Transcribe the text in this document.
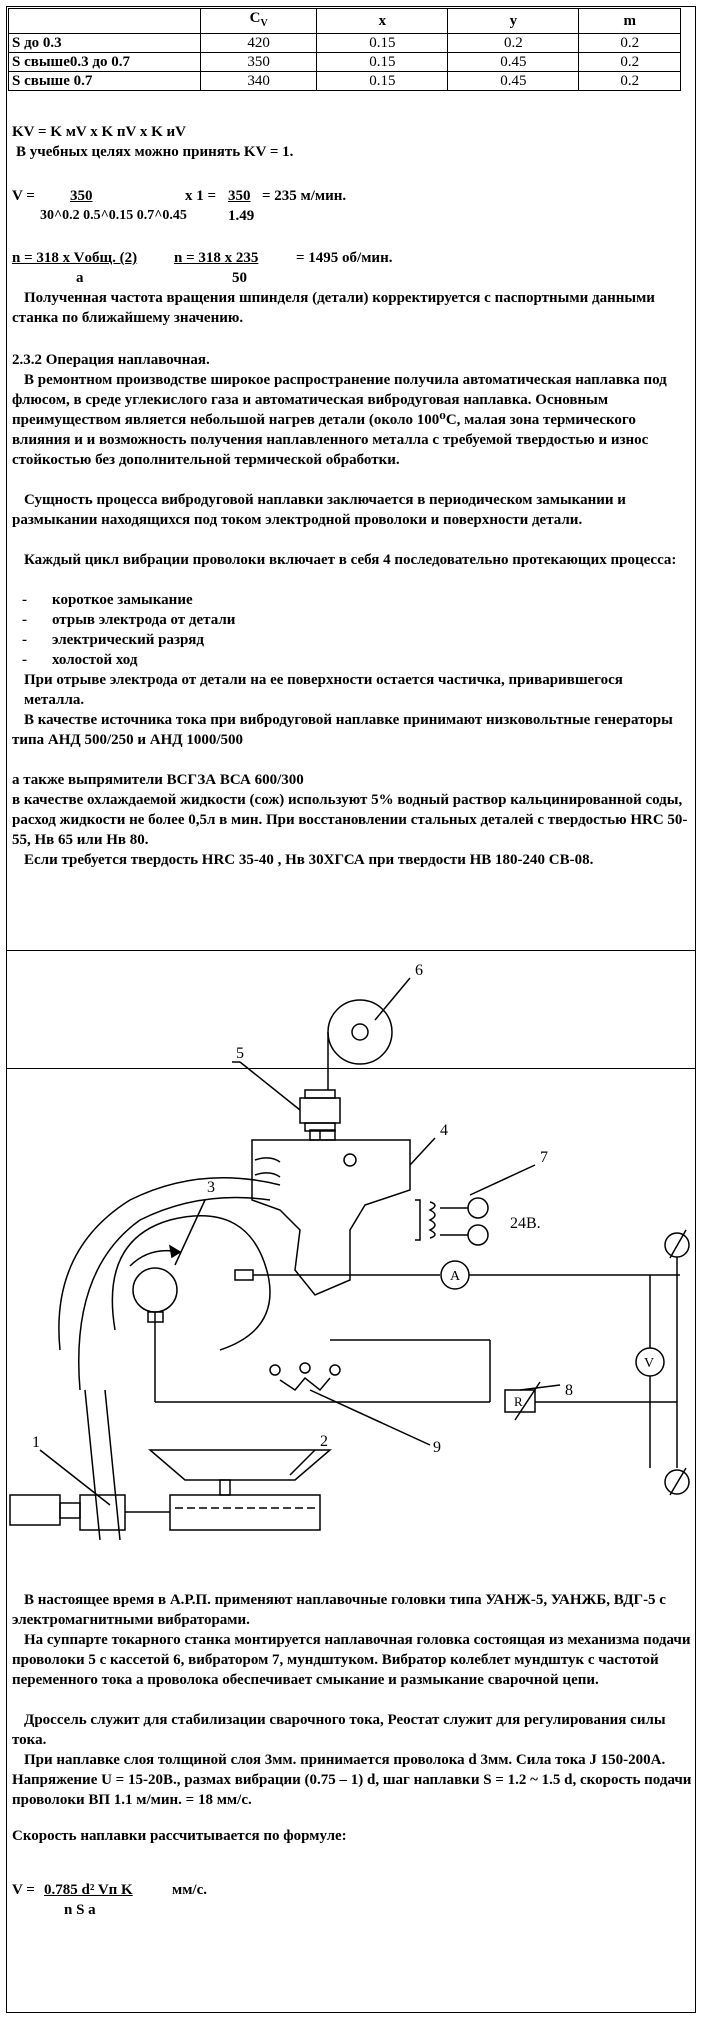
	$C_V$	x	y	m
S до 0.3	420	0.15	0.2	0.2
S свыше0.3 до 0.7	350	0.15	0.45	0.2
S свыше 0.7	340	0.15	0.45	0.2
KV = K мV x K пV x K иV
В учебных целях можно принять KV = 1.
V =	350
30^0.2 0.5^0.15 0.7^0.45
x 1 = 350
1.49
= 235 м/мин.
n = 318 x Vобщ. (2)
a
n = 318 x 235
50
= 1495 об/мин.
Полученная частота вращения шпинделя (детали) корректируется с паспортными данными станка по ближайшему значению.
2.3.2 Операция наплавочная.
В ремонтном производстве широкое распространение получила автоматическая наплавка под флюсом, в среде углекислого газа и автоматическая вибродуговая наплавка. Основным преимуществом является небольшой нагрев детали (около 100⁰С, малая зона термического влияния и и возможность получения наплавленного металла с требуемой твердостью и износ стойкостью без дополнительной термической обработки.
Сущность процесса вибродуговой наплавки заключается в периодическом замыкании и размыкании находящихся под током электродной проволоки и поверхности детали.
Каждый цикл вибрации проволоки включает в себя 4 последовательно протекающих процесса:
-	короткое замыкание
-	отрыв электрода от детали
-	электрический разряд
-	холостой ход
При отрыве электрода от детали на ее поверхности остается частичка, приварившегося металла.
В качестве источника тока при вибродуговой наплавке принимают низковольтные генераторы типа АНД 500/250 и АНД 1000/500
а также выпрямители ВСГЗА ВСА 600/300
в качестве охлаждаемой жидкости (сож) используют 5% водный раствор кальцинированной соды, расход жидкости не более 0,5л в мин. При восстановлении стальных деталей с твердостью HRC 50-55, Нв 65 или Нв 80.
Если требуется твердость HRC 35-40 , Нв 30ХГСА при твердости НВ 180-240 СВ-08.
6
5
4
7
24В.
3
A
V
R
8
9
2
1
В настоящее время в А.Р.П. применяют наплавочные головки типа УАНЖ-5, УАНЖБ, ВДГ-5 с электромагнитными вибраторами.
На суппарте токарного станка монтируется наплавочная головка состоящая из механизма подачи проволоки 5 с кассетой 6, вибратором 7, мундштуком. Вибратор колеблет мундштук с частотой переменного тока а проволока обеспечивает смыкание и размыкание сварочной цепи.
Дроссель служит для стабилизации сварочного тока, Реостат служит для регулирования силы тока.
При наплавке слоя толщиной слоя 3мм. принимается проволока d 3мм. Сила тока J 150-200А. Напряжение U = 15-20В., размах вибрации (0.75 – 1) d, шаг наплавки S = 1.2 ~ 1.5 d, скорость подачи проволоки ВП 1.1 м/мин. = 18 мм/с.
Скорость наплавки рассчитывается по формуле:
V = 0.785 d² Vп K	мм/с.
n S a
